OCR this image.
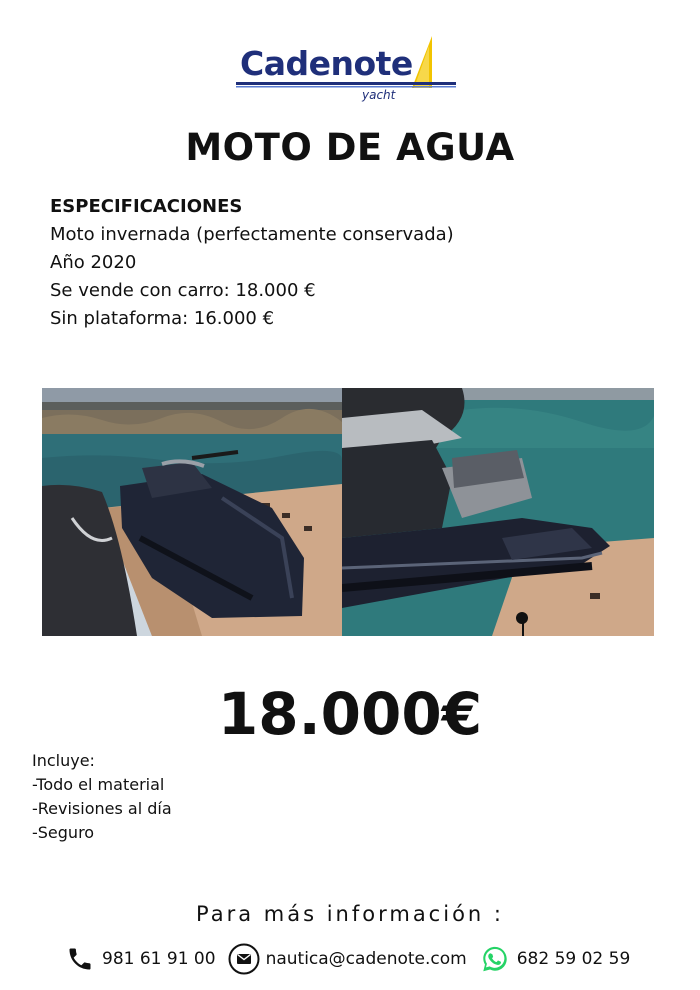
Cadenote
yacht
MOTO DE AGUA
ESPECIFICACIONES
Moto invernada (perfectamente conservada)
Año 2020
Se vende con carro: 18.000 €
Sin plataforma: 16.000 €
18.000€
Incluye:
-Todo el material
-Revisiones al día
-Seguro
Para más información :
981 61 91 00	nautica@cadenote.com	682 59 02 59
